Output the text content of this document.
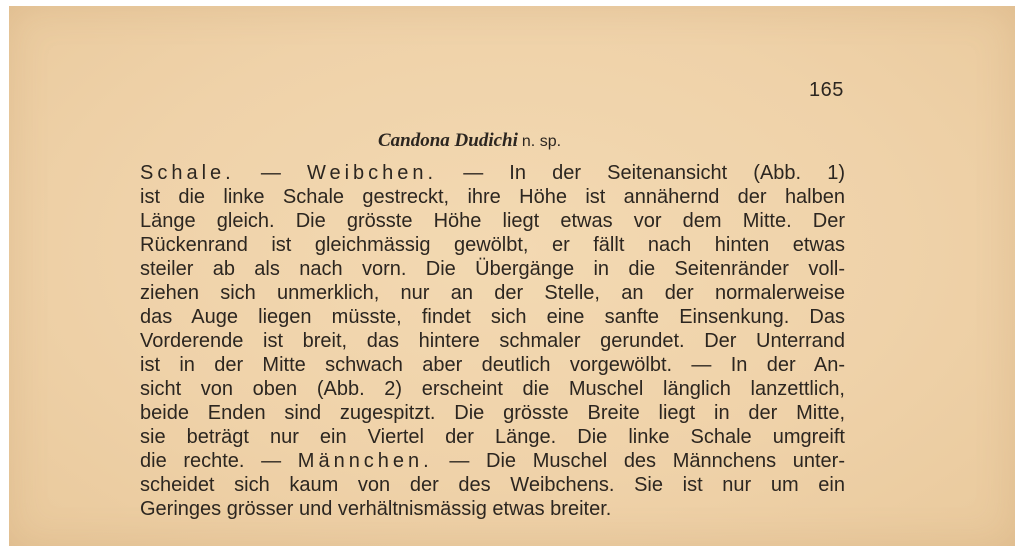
165
Candona Dudichi n. sp.
Schale. — Weibchen. — In der Seitenansicht (Abb. 1)
ist die linke Schale gestreckt, ihre Höhe ist annähernd der halben
Länge gleich. Die grösste Höhe liegt etwas vor dem Mitte. Der
Rückenrand ist gleichmässig gewölbt, er fällt nach hinten etwas
steiler ab als nach vorn. Die Übergänge in die Seitenränder voll-
ziehen sich unmerklich, nur an der Stelle, an der normalerweise
das Auge liegen müsste, findet sich eine sanfte Einsenkung. Das
Vorderende ist breit, das hintere schmaler gerundet. Der Unterrand
ist in der Mitte schwach aber deutlich vorgewölbt. — In der An-
sicht von oben (Abb. 2) erscheint die Muschel länglich lanzettlich,
beide Enden sind zugespitzt. Die grösste Breite liegt in der Mitte,
sie beträgt nur ein Viertel der Länge. Die linke Schale umgreift
die rechte. — Männchen. — Die Muschel des Männchens unter-
scheidet sich kaum von der des Weibchens. Sie ist nur um ein
Geringes grösser und verhältnismässig etwas breiter.
